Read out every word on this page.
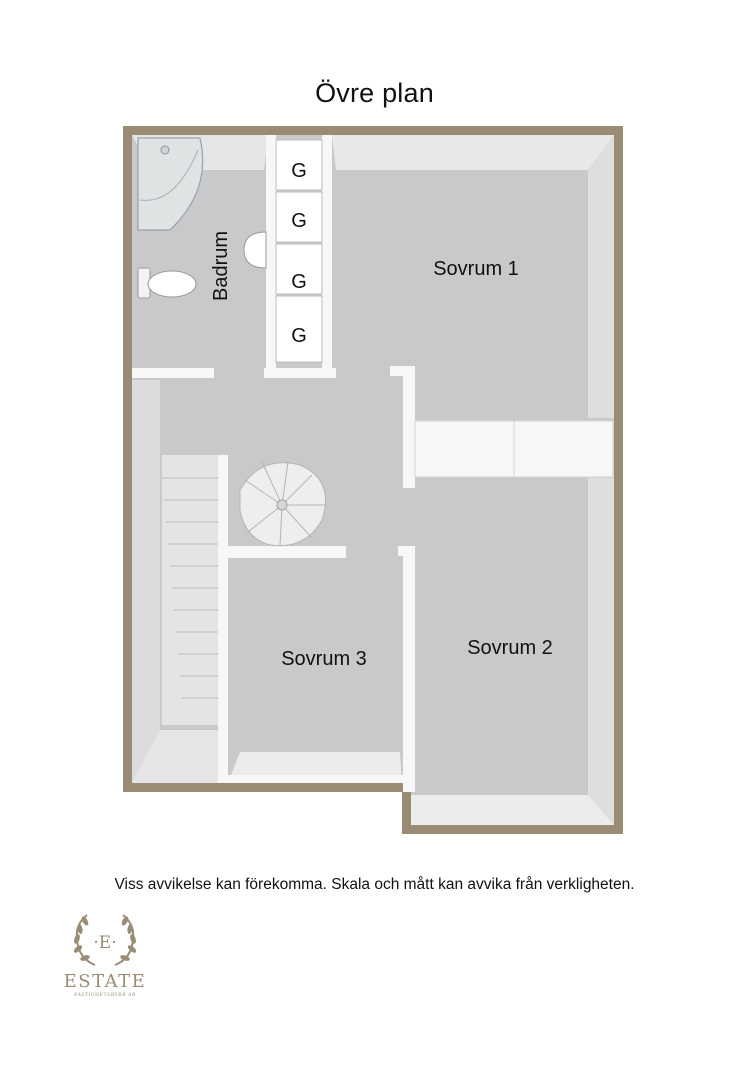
Övre plan
G
G
G
G
Sovrum 1
Sovrum 2
Sovrum 3
Badrum
Viss avvikelse kan förekomma. Skala och mått kan avvika från verkligheten.
·E·
ESTATE
FASTIGHETSBYRÅ AB
